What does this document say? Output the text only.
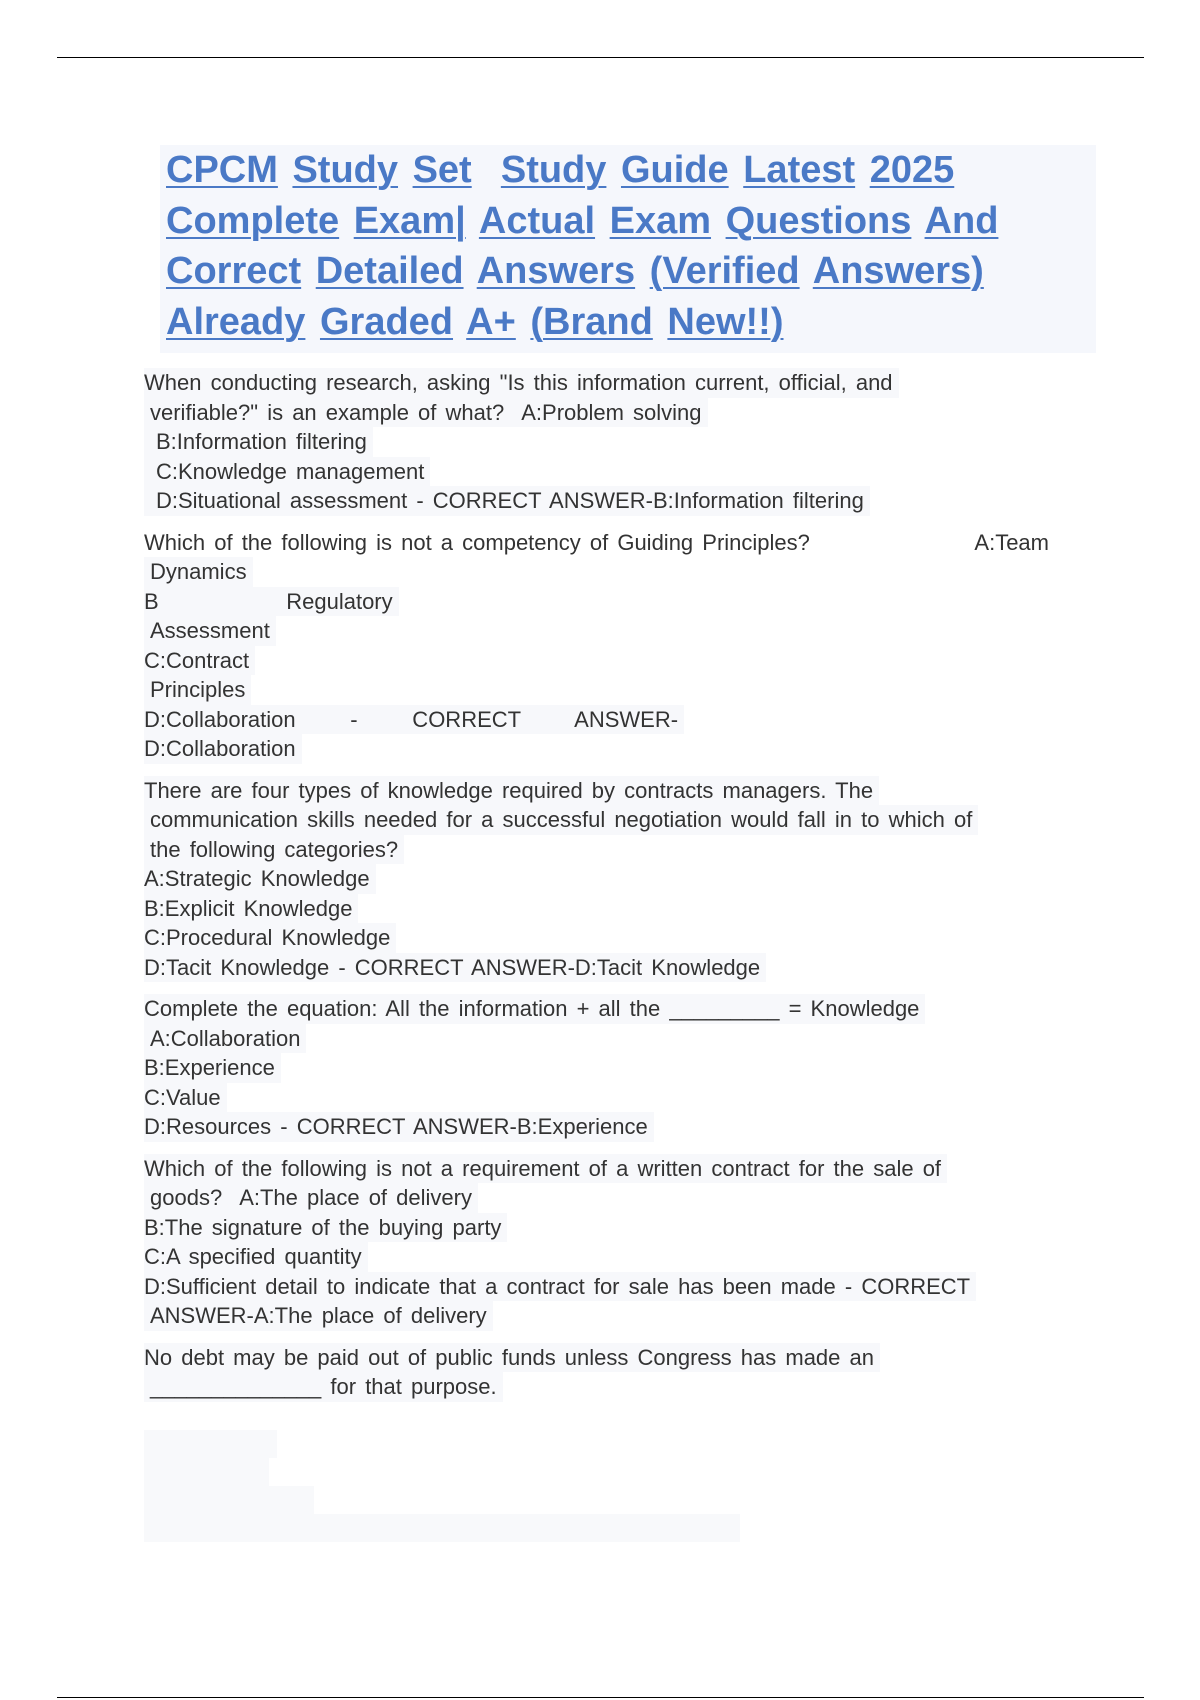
CPCM Study Set Study Guide Latest 2025
Complete Exam| Actual Exam Questions And
Correct Detailed Answers (Verified Answers)
Already Graded A+ (Brand New!!)
When conducting research, asking "Is this information current, official, and
verifiable?" is an example of what?  A:Problem solving
B:Information filtering
C:Knowledge management
D:Situational assessment - CORRECT ANSWER-B:Information filtering
Which of the following is not a competency of Guiding Principles?	A:Team
Dynamics
B              Regulatory
Assessment
C:Contract
Principles
D:Collaboration      -      CORRECT      ANSWER-
D:Collaboration
There are four types of knowledge required by contracts managers. The
communication skills needed for a successful negotiation would fall in to which of
the following categories?
A:Strategic Knowledge
B:Explicit Knowledge
C:Procedural Knowledge
D:Tacit Knowledge - CORRECT ANSWER-D:Tacit Knowledge
Complete the equation: All the information + all the _________ = Knowledge
A:Collaboration
B:Experience
C:Value
D:Resources - CORRECT ANSWER-B:Experience
Which of the following is not a requirement of a written contract for the sale of
goods?  A:The place of delivery
B:The signature of the buying party
C:A specified quantity
D:Sufficient detail to indicate that a contract for sale has been made - CORRECT
ANSWER-A:The place of delivery
No debt may be paid out of public funds unless Congress has made an
______________ for that purpose.
